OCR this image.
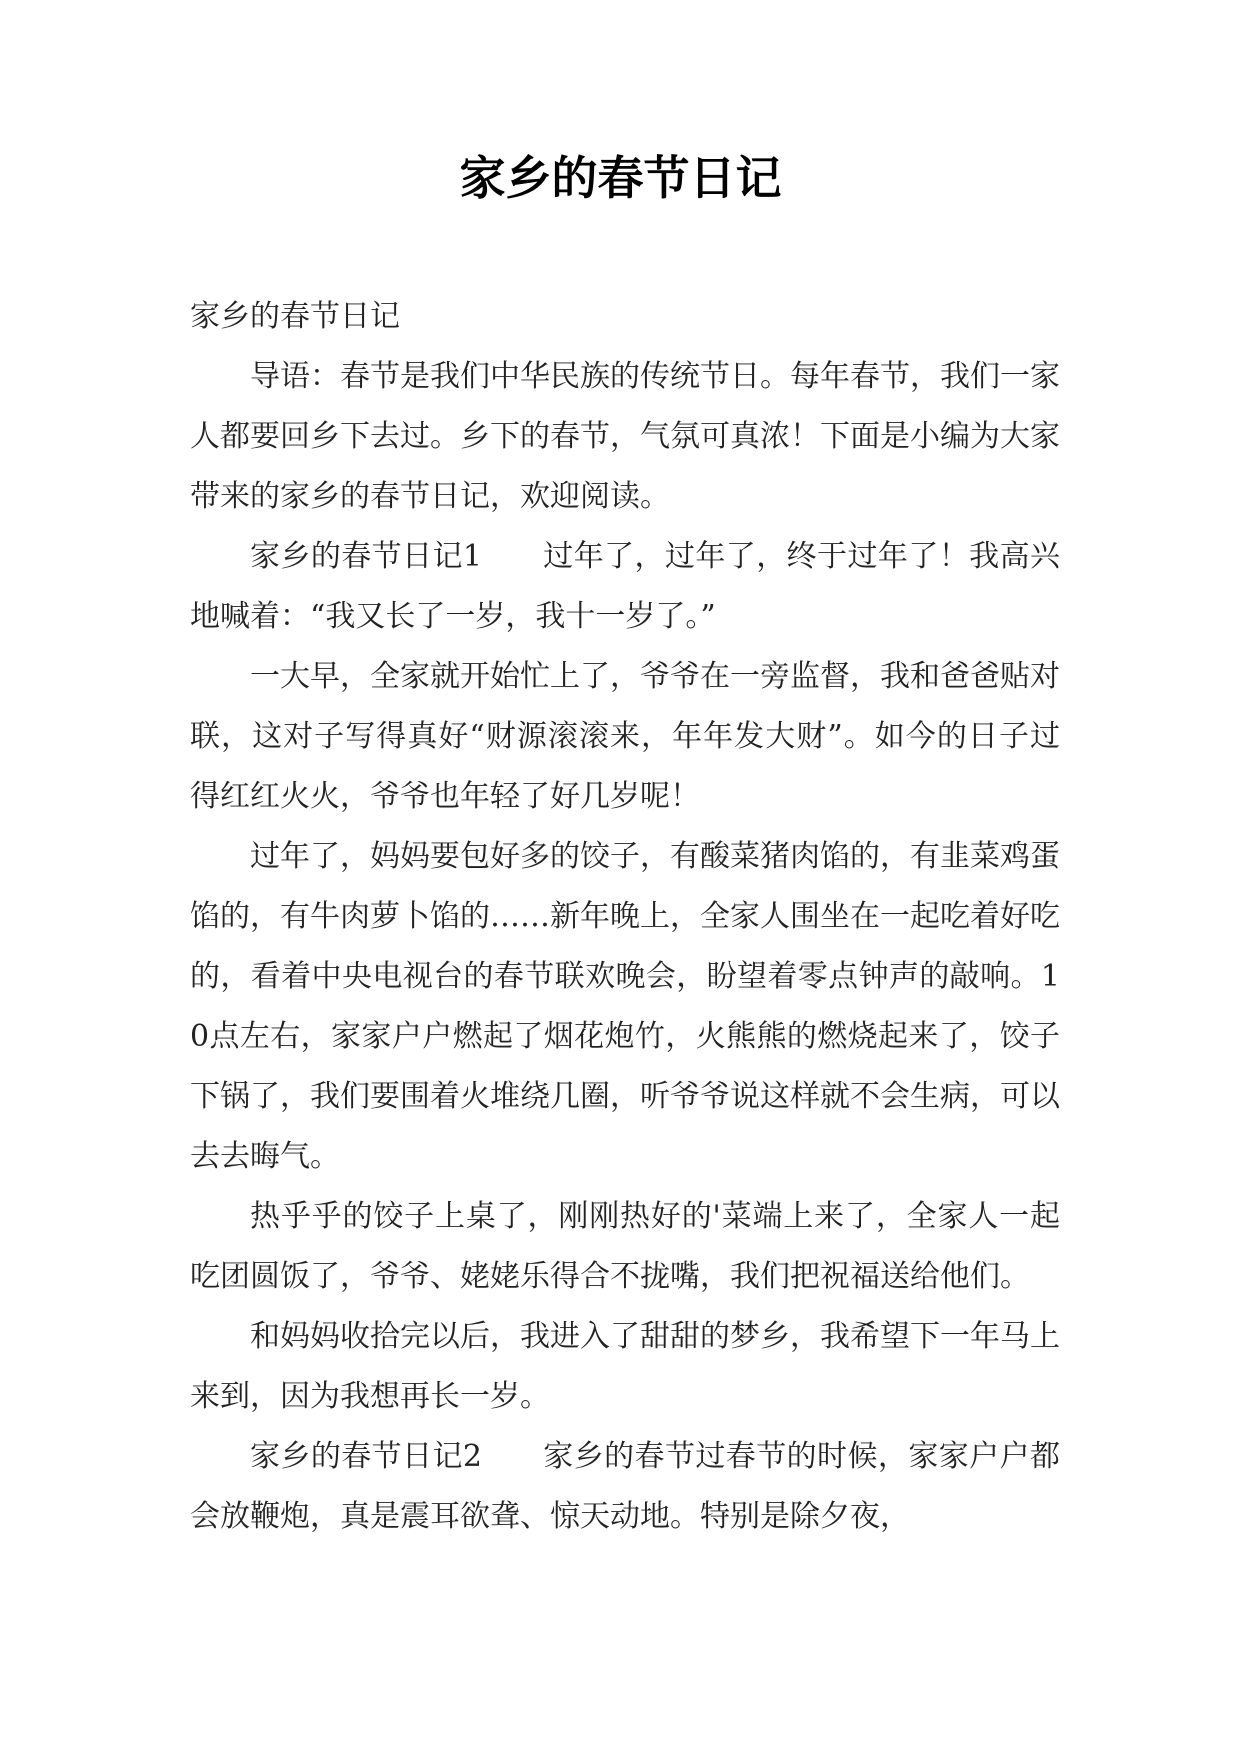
家乡的春节日记

家乡的春节日记

导语：春节是我们中华民族的传统节日。每年春节，我们一家人都要回乡下去过。乡下的春节，气氛可真浓！下面是小编为大家带来的家乡的春节日记，欢迎阅读。

家乡的春节日记1　　过年了，过年了，终于过年了！我高兴地喊着：“我又长了一岁，我十一岁了。”

一大早，全家就开始忙上了，爷爷在一旁监督，我和爸爸贴对联，这对子写得真好“财源滚滚来，年年发大财”。如今的日子过得红红火火，爷爷也年轻了好几岁呢！

过年了，妈妈要包好多的饺子，有酸菜猪肉馅的，有韭菜鸡蛋馅的，有牛肉萝卜馅的……新年晚上，全家人围坐在一起吃着好吃的，看着中央电视台的春节联欢晚会，盼望着零点钟声的敲响。10点左右，家家户户燃起了烟花炮竹，火熊熊的燃烧起来了，饺子下锅了，我们要围着火堆绕几圈，听爷爷说这样就不会生病，可以去去晦气。

热乎乎的饺子上桌了，刚刚热好的'菜端上来了，全家人一起吃团圆饭了，爷爷、姥姥乐得合不拢嘴，我们把祝福送给他们。

和妈妈收拾完以后，我进入了甜甜的梦乡，我希望下一年马上来到，因为我想再长一岁。

家乡的春节日记2　　家乡的春节过春节的时候，家家户户都会放鞭炮，真是震耳欲聋、惊天动地。特别是除夕夜，
